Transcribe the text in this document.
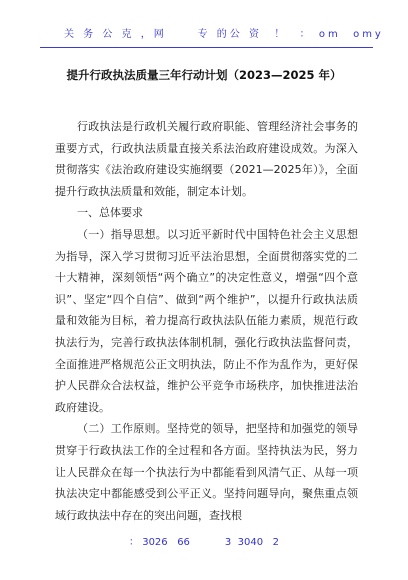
关 务 公 克 ，网     专 的公 资  ！  ： om  omy
提升行政执法质量三年行动计划（2023—2025 年）

行政执法是行政机关履行政府职能、管理经济社会事务的重要方式，行政执法质量直接关系法治政府建设成效。为深入贯彻落实《法治政府建设实施纲要（2021—2025年）》，全面提升行政执法质量和效能，制定本计划。

一、总体要求

（一）指导思想。以习近平新时代中国特色社会主义思想为指导，深入学习贯彻习近平法治思想，全面贯彻落实党的二十大精神，深刻领悟“两个确立”的决定性意义，增强“四个意识”、坚定“四个自信”、做到“两个维护”，以提升行政执法质量和效能为目标，着力提高行政执法队伍能力素质，规范行政执法行为，完善行政执法体制机制，强化行政执法监督问责，全面推进严格规范公正文明执法，防止不作为乱作为，更好保护人民群众合法权益，维护公平竞争市场秩序，加快推进法治政府建设。

（二）工作原则。坚持党的领导，把坚持和加强党的领导贯穿于行政执法工作的全过程和各方面。坚持执法为民，努力让人民群众在每一个执法行为中都能看到风清气正、从每一项执法决定中都能感受到公平正义。坚持问题导向，聚焦重点领域行政执法中存在的突出问题，查找根

： 3026   66           3  3040   2
